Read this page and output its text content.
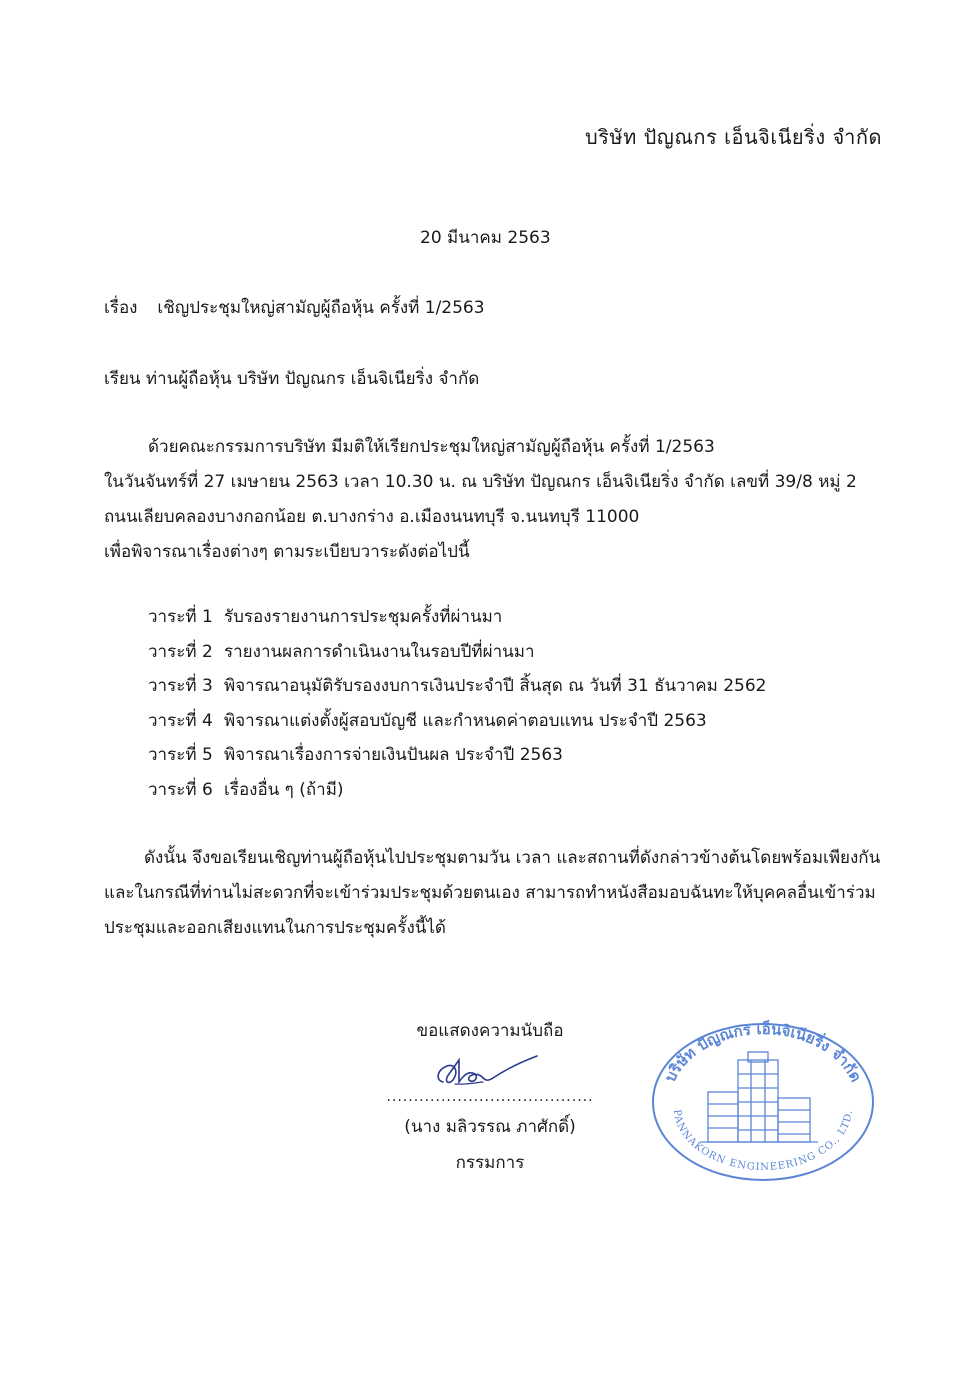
บริษัท ปัญณกร เอ็นจิเนียริ่ง จำกัด
20 มีนาคม 2563
เรื่อง เชิญประชุมใหญ่สามัญผู้ถือหุ้น ครั้งที่ 1/2563
เรียน ท่านผู้ถือหุ้น บริษัท ปัญณกร เอ็นจิเนียริ่ง จำกัด
ด้วยคณะกรรมการบริษัท มีมติให้เรียกประชุมใหญ่สามัญผู้ถือหุ้น ครั้งที่ 1/2563
ในวันจันทร์ที่ 27 เมษายน 2563 เวลา 10.30 น. ณ บริษัท ปัญณกร เอ็นจิเนียริ่ง จำกัด เลขที่ 39/8 หมู่ 2
ถนนเลียบคลองบางกอกน้อย ต.บางกร่าง อ.เมืองนนทบุรี จ.นนทบุรี 11000
เพื่อพิจารณาเรื่องต่างๆ ตามระเบียบวาระดังต่อไปนี้
วาระที่ 1 รับรองรายงานการประชุมครั้งที่ผ่านมา
วาระที่ 2 รายงานผลการดำเนินงานในรอบปีที่ผ่านมา
วาระที่ 3 พิจารณาอนุมัติรับรองงบการเงินประจำปี สิ้นสุด ณ วันที่ 31 ธันวาคม 2562
วาระที่ 4 พิจารณาแต่งตั้งผู้สอบบัญชี และกำหนดค่าตอบแทน ประจำปี 2563
วาระที่ 5 พิจารณาเรื่องการจ่ายเงินปันผล ประจำปี 2563
วาระที่ 6 เรื่องอื่น ๆ (ถ้ามี)
ดังนั้น จึงขอเรียนเชิญท่านผู้ถือหุ้นไปประชุมตามวัน เวลา และสถานที่ดังกล่าวข้างต้นโดยพร้อมเพียงกัน
และในกรณีที่ท่านไม่สะดวกที่จะเข้าร่วมประชุมด้วยตนเอง สามารถทำหนังสือมอบฉันทะให้บุคคลอื่นเข้าร่วม
ประชุมและออกเสียงแทนในการประชุมครั้งนี้ได้
ขอแสดงความนับถือ
......................................
(นาง มลิวรรณ ภาศักดิ์)
กรรมการ
บริษัท ปัญณกร เอ็นจิเนียริ่ง จำกัด
PANNAKORN ENGINEERING CO., LTD.
